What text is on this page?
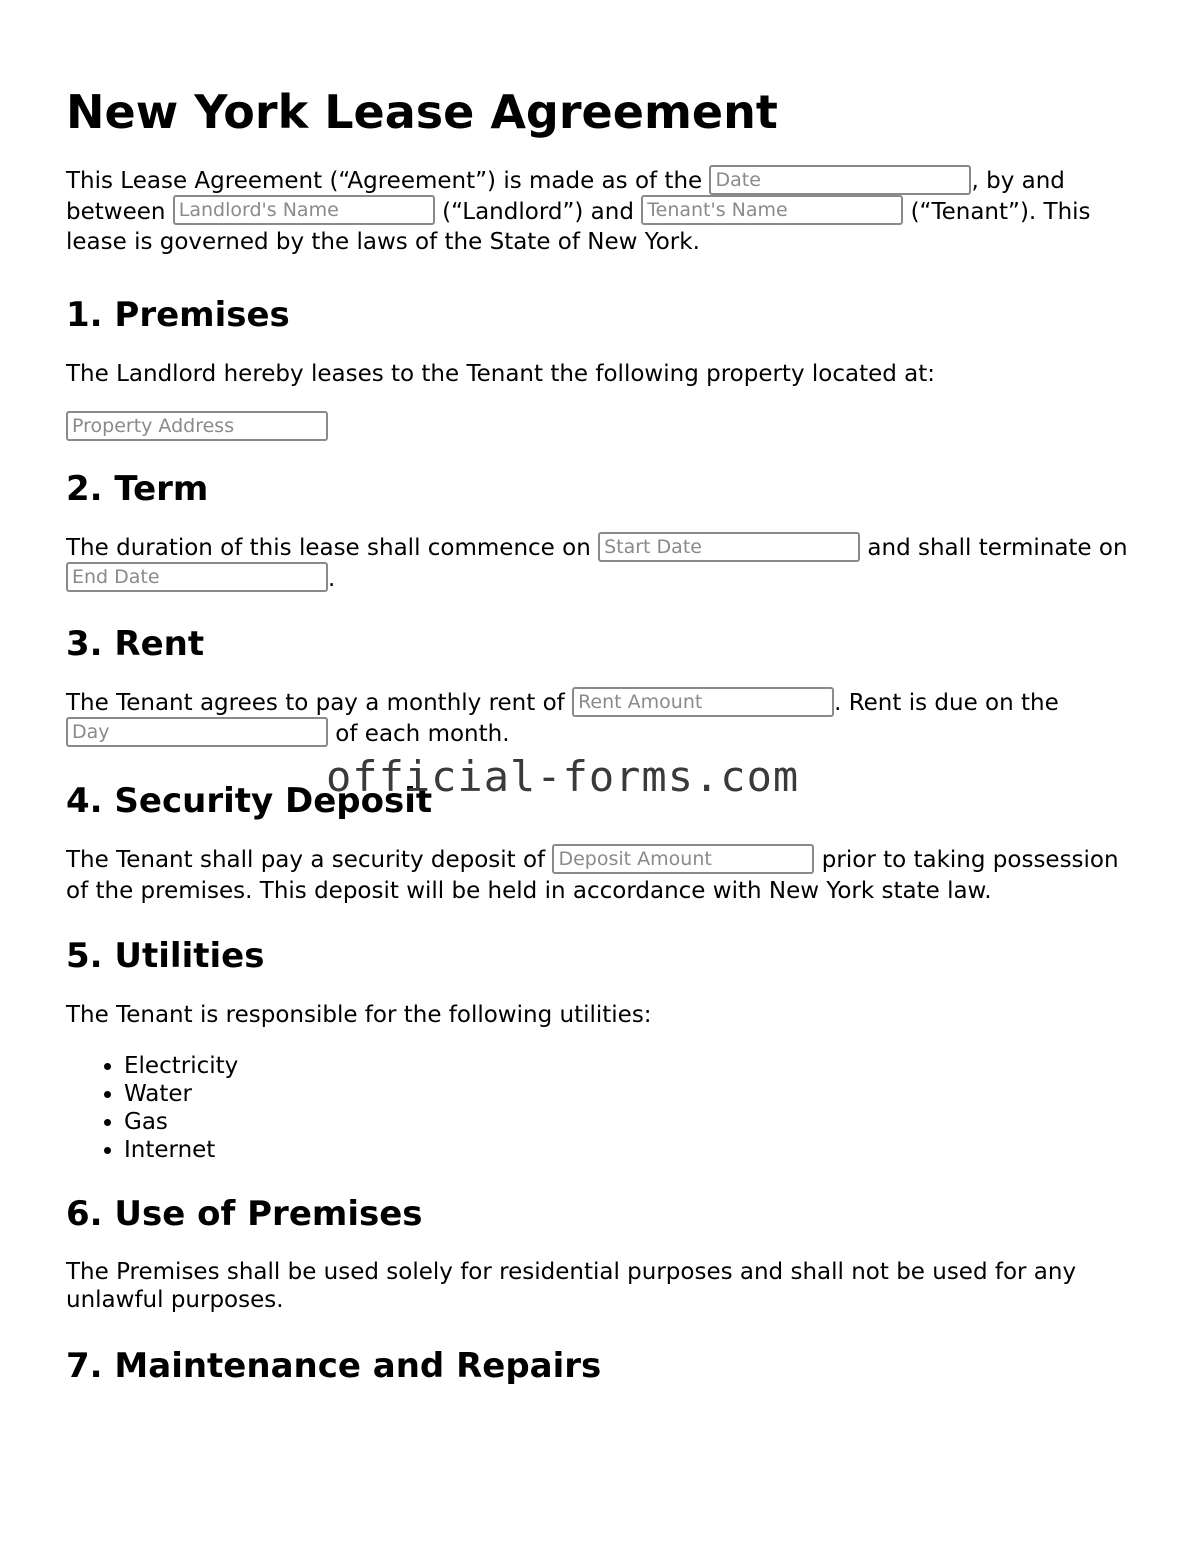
New York Lease Agreement

This Lease Agreement (“Agreement”) is made as of the Date	, by and between Landlord's Name	(“Landlord”) and Tenant's Name	(“Tenant”). This lease is governed by the laws of the State of New York.

1. Premises

The Landlord hereby leases to the Tenant the following property located at:

Property Address
2. Term

The duration of this lease shall commence on Start Date	and shall terminate on End Date.

3. Rent

The Tenant agrees to pay a monthly rent of Rent Amount	. Rent is due on the Day of each month.

4. Security Deposit

The Tenant shall pay a security deposit of Deposit Amount	prior to taking possession of the premises. This deposit will be held in accordance with New York state law.

5. Utilities

The Tenant is responsible for the following utilities:

• Electricity
• Water
• Gas
• Internet
6. Use of Premises

The Premises shall be used solely for residential purposes and shall not be used for any unlawful purposes.

7. Maintenance and Repairs
official-forms.com
